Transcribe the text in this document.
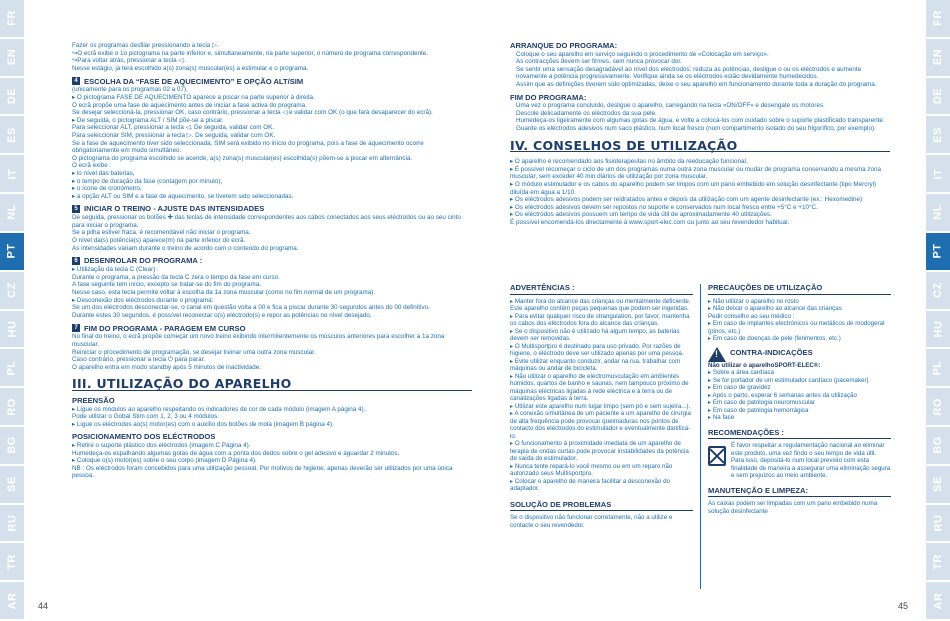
FR
EN
DE
ES
IT
NL
PT
CZ
HU
PL
RO
BG
SE
RU
TR
AR
FR
EN
DE
ES
IT
NL
PT
CZ
HU
PL
RO
BG
SE
RU
TR
AR

Fazer os programas desfilar pressionando a tecla ▷.

↪O ecrã exibe o 1o pictograma na parte inferior e, simultaneamente, na parte superior, o número de programa correspondente.

↪Para voltar atrás, pressionar a tecla ◁.

Nesse estágio, já terá escolhido a(s) zona(s) muscular(es) a estimular e o programa.

4 ESCOLHA DA “FASE DE AQUECIMENTO” E OPÇÃO ALT/SIM

(unicamente para os programas 02 a 07).

▸ O pictograma FASE DE AQUECIMENTO aparece a piscar na parte superior à direita.

O ecrã propõe uma fase de aquecimento antes de iniciar a fase activa do programa.

Se desejar seleccioná-la, pressionar OK, caso contrário, pressionar a tecla ◁ e validar com OK (o que fará desaparecer do ecrã).

▸ De seguida, o pictograma ALT / SIM põe-se a piscar.

Para seleccionar ALT, pressionar a tecla ◁. De seguida, validar com OK.

Para seleccionar SIM, pressionar a tecla ▷. De seguida, validar com OK.

Se a fase de aquecimento tiver sido seleccionada, SIM será exibido no início do programa, pois a fase de aquecimento ocorre obrigatoriamente em modo simultâneo.

O pictograma do programa escolhido se acende, a(s) zona(s) muscular(es) escolhida(s) põem-se a piscar em alternância.

O ecrã exibe :

▸ lo nível das baterias,

▸ o tempo de duração da fase (contagem por minuto),

▸ o ícone de cronómetro,

▸ a opção ALT ou SIM e a fase de aquecimento, se tiverem sido seleccionadas.

5 INICIAR O TREINO - AJUSTE DAS INTENSIDADES

De seguida, pressionar os botões ✚ das teclas de intensidade correspondentes aos cabos conectados aos seus eléctrodos ou ao seu cinto para iniciar o programa.

Se a pilha estiver fraca, é recomendável não iniciar o programa.

O nível da(s) potência(s) aparece(m) na parte inferior do ecrã.

As intensidades variam durante o treino de acordo com o conteúdo do programa.

6 DESENROLAR DO PROGRAMA :

▸ Utilização da tecla C (Clear) :

Durante o programa, a pressão da tecla C zera o tempo da fase em curso.

A fase seguinte tem início, excepto se tratar-se do fim do programa.

Nesse caso, esta tecla permite voltar à escolha da 1a zona muscular (como no fim normal de um programa).

▸ Desconexão dos eléctrodos durante o programa:

Se um dos eléctrodos desconectar-se, o canal em questão volta a 00 e fica a piscar durante 30 segundos antes do 00 definitivo.

Durante estes 30 segundos, é possível reconectar o(s) eléctrodo(s) e repor as potências no nível desejado.

7 FIM DO PROGRAMA - PARAGEM EM CURSO

No final do treino, o ecrã propõe começar um novo treino exibindo intermitentemente os músculos anteriores para escolher a 1a zona muscular.

Reiniciar o procedimento de programação, se desejar treinar uma outra zona muscular.

Caso contrário, pressionar a tecla ⏻ para parar.

O aparelho entra em modo standby após 5 minutos de inactividade.

III. UTILIZAÇÃO DO APARELHO
PREENSÃO

▸ Ligue os módulos ao aparelho respeitando os indicadores de cor de cada módulo (imagem A página 4).

Pode utilizar o Gobal Stim com 1, 2, 3 ou 4 módulos.

▸ Ligue os eléctrodos ao(s) motor(es) com o auxílio dos botões de mola (imagem B página 4).

POSICIONAMENTO DOS ELÉCTRODOS

▸ Retire o suporte plástico dos eléctrodos (imagem C Página 4).

Humedeça-os espalhando algumas gotas de água com a ponta dos dedos sobre o gel adesivo e aguardar 2 minutos.

▸ Coloque o(s) motor(es) sobre o seu corpo (imagem D Página 4).

NB : Os eléctrodos foram concebidos para uma utilização pessoal. Por motivos de higiene, apenas deverão ser utilizados por uma única pessoa.

44
ARRANQUE DO PROGRAMA:

Coloque o seu aparelho em serviço seguindo o procedimento de «Colocação em serviço».

As contracções devem ser firmes, sem nunca provocar dor.

Se sentir uma sensação desagradável ao nível dos eléctrodos: reduza as potências, desligue o ou os eléctrodos e aumente novamente a potência progressivamente. Verifique ainda se os eléctrodos estão devidamente humedecidos.

Assim que as definições tiverem sido optimizadas, deixe o seu aparelho em funcionamento durante toda a duração do programa.

FIM DO PROGRAMA:

Uma vez o programa concluído, desligue o aparelho, carregando na tecla «ON/OFF» e desengate os motores.

Descole delicadamente os eléctrodos da sua pele.

Humedeça-os ligeiramente com algumas gotas de água, e volte a colocá-los com cuidado sobre o suporte plastificado transparente.

Guarde os eléctrodos adesivos num saco plástico, num local fresco (num compartimento isolado do seu frigorífico, por exemplo).

IV. CONSELHOS DE UTILIZAÇÃO

▸ O aparelho é recomendado aos fisioterapeutas no âmbito da reeducação funcional.

▸ É possível recomeçar o ciclo de um dos programas numa outra zona muscular ou mudar de programa conservando a mesma zona muscular, sem exceder 40 min diários de utilização por zona muscular.

▸ O módulo estimulador e os cabos do aparelho podem ser limpos com um pano embebido em solução desinfectante (tipo Mercryl) diluída em água a 1/10.

▸ Os eléctrodos adesivos podem ser reidratados antes e depois da utilização com um agente desinfectante (ex.: Hexomedine)

▸ Os eléctrodos adesivos devem ser repostos no suporte e conservados num local fresco entre +5°C e +10°C.

▸ Os eléctrodos adesivos possuem um tempo de vida útil de aproximadamente 40 utilizações.

É possível encomendá-los directamente à www.sport-elec.com ou junto ao seu revendedor habitual.

ADVERTÊNCIAS :

▸ Manter fora do alcance das crianças ou mentalmente deficiente. Este aparelho contém peças pequenas que podem ser ingeridas.

▸ Para evitar qualquer risco de strangulation, por favor, mantenha os cabos dos eléctrodos fora do alcance das crianças.

▸ Se o dispositivo não é utilizado há algum tempo, as baterias devem ser removidas.

▸ O Multisportpro é destinado para uso privado. Por razões de higiene, o eléctrodo deve ser utilizado apenas por uma pessoa.

▸ Evite utilizar enquanto conduzir, andar na rua, trabalhar com máquinas ou andar de bicicleta.

▸ Não utilizar o aparelho de electromusculação em ambientes húmidos, quartos de banho e saunas, nem tampouco próximo de máquinas eléctricas ligadas à rede eléctrica e à terra ou de canalizações ligadas à terra.

▸ Utilizar este aparelho num lugar limpo (sem pó e sem sujeira...).

▸ A conexão simultânea de um paciente a um aparelho de cirurgia de alta frequência pode provocar queimaduras nos pontos de contacto dos eléctrodos do estimulador e eventualmente danificá-lo.

▸ O funcionamento à proximidade imediata de um aparelho de terapia de ondas curtas pode provocar instabilidades da potência de saída do estimulador.

▸ Nunca tente repará-lo você mesmo ou em um reparo não autorizado seus Multisportpro.

▸ Colocar o aparelho de maneira facilitar a desconexão do adaptador.

SOLUÇÃO DE PROBLEMAS

Se o dispositivo não funcionar corretamente, não a utilize e contacte o seu revendedor.

PRECAUÇÕES DE UTILIZAÇÃO

▸ Não utilizar o aparelho no rosto

▸ Não deixar o aparelho ao alcance das crianças

Pedir conselho ao seu médico :

▸ Em caso de implantes electrónicos ou metálicos de modogeral (pinos, etc.)

▸ Em caso de doenças de pele (ferimentos, etc.)

!
CONTRA-INDICAÇÕES
Não utilizar o aparelhoSPORT-ELEC®:

▸ Sobre a área cardíaca

▸ Se for portador de um estimulador cardíaco (pacemaker)

▸ Em caso de gravidez

▸ Após o parto, esperar 6 semanas antes da utilização

▸ Em caso de patologia neuromuscular

▸ Em caso de patologia hemorrágica

▸ Na face

RECOMENDAÇÕES :

É favor respeitar a regulamentação nacional ao eliminar este produto, uma vez findo o seu tempo de vida útil.

Para isso, depositá-lo num local previsto com esta finalidade de maneira a assegurar uma eliminação segura e sem prejuízos ao meio ambiente.

MANUTENÇÃO E LIMPEZA:

As caixas podem ser limpadas com um pano embebido numa solução desinfectante

45
